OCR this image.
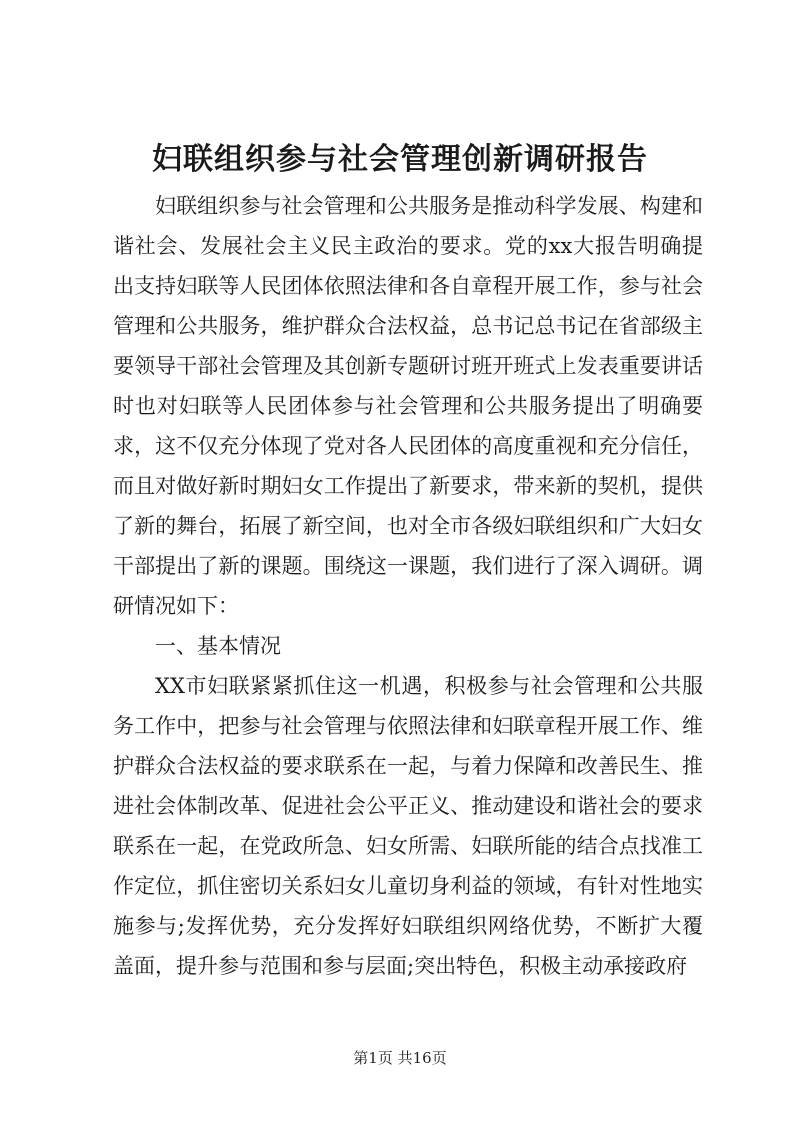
妇联组织参与社会管理创新调研报告

妇联组织参与社会管理和公共服务是推动科学发展、构建和谐社会、发展社会主义民主政治的要求。党的xx大报告明确提出支持妇联等人民团体依照法律和各自章程开展工作，参与社会管理和公共服务，维护群众合法权益，总书记总书记在省部级主要领导干部社会管理及其创新专题研讨班开班式上发表重要讲话时也对妇联等人民团体参与社会管理和公共服务提出了明确要求，这不仅充分体现了党对各人民团体的高度重视和充分信任，而且对做好新时期妇女工作提出了新要求，带来新的契机，提供了新的舞台，拓展了新空间，也对全市各级妇联组织和广大妇女干部提出了新的课题。围绕这一课题，我们进行了深入调研。调研情况如下：

一、基本情况

XX市妇联紧紧抓住这一机遇，积极参与社会管理和公共服务工作中，把参与社会管理与依照法律和妇联章程开展工作、维护群众合法权益的要求联系在一起，与着力保障和改善民生、推进社会体制改革、促进社会公平正义、推动建设和谐社会的要求联系在一起，在党政所急、妇女所需、妇联所能的结合点找准工作定位，抓住密切关系妇女儿童切身利益的领域，有针对性地实施参与;发挥优势，充分发挥好妇联组织网络优势，不断扩大覆盖面，提升参与范围和参与层面;突出特色，积极主动承接政府

第1页 共16页
